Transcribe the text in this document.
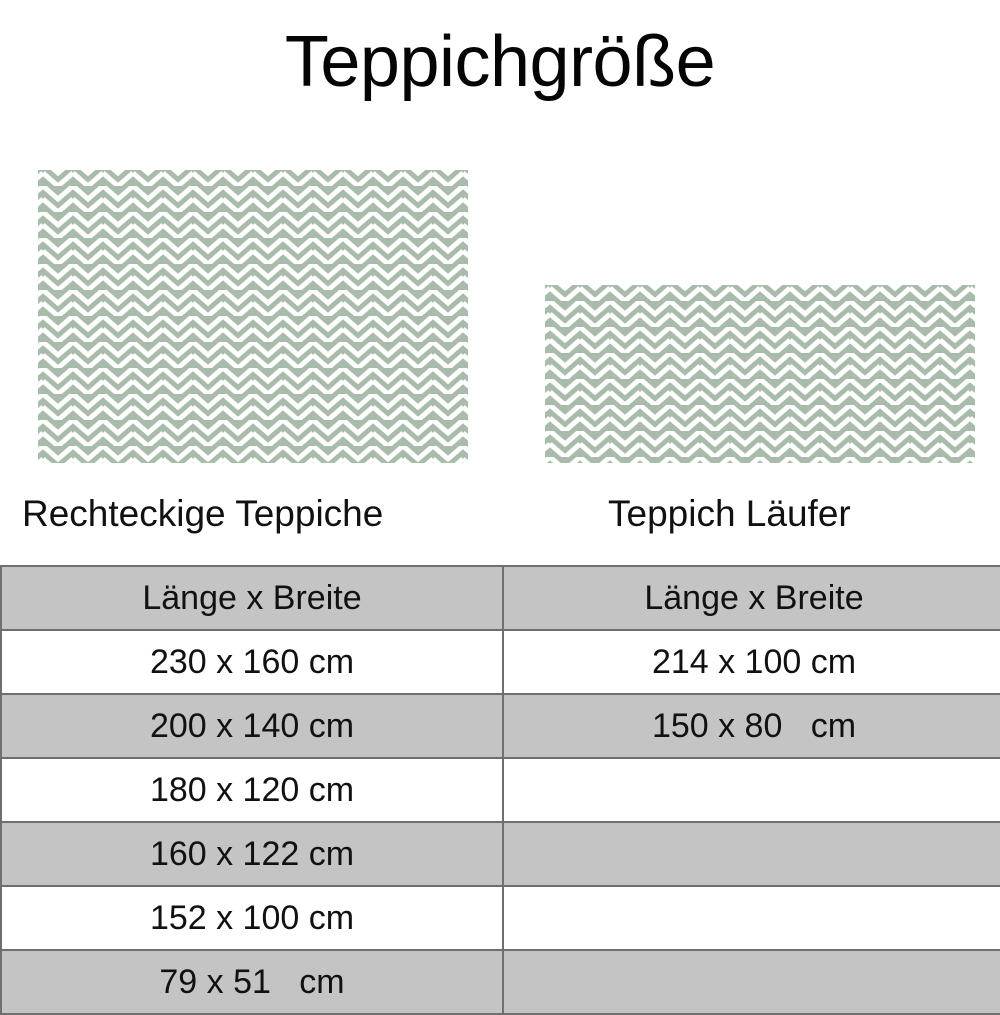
Teppichgröße
Rechteckige Teppiche	Teppich Läufer
Länge x Breite	Länge x Breite
230 x 160 cm	214 x 100 cm
200 x 140 cm	150 x 80   cm
180 x 120 cm	
160 x 122 cm	
152 x 100 cm	
79 x 51   cm	
